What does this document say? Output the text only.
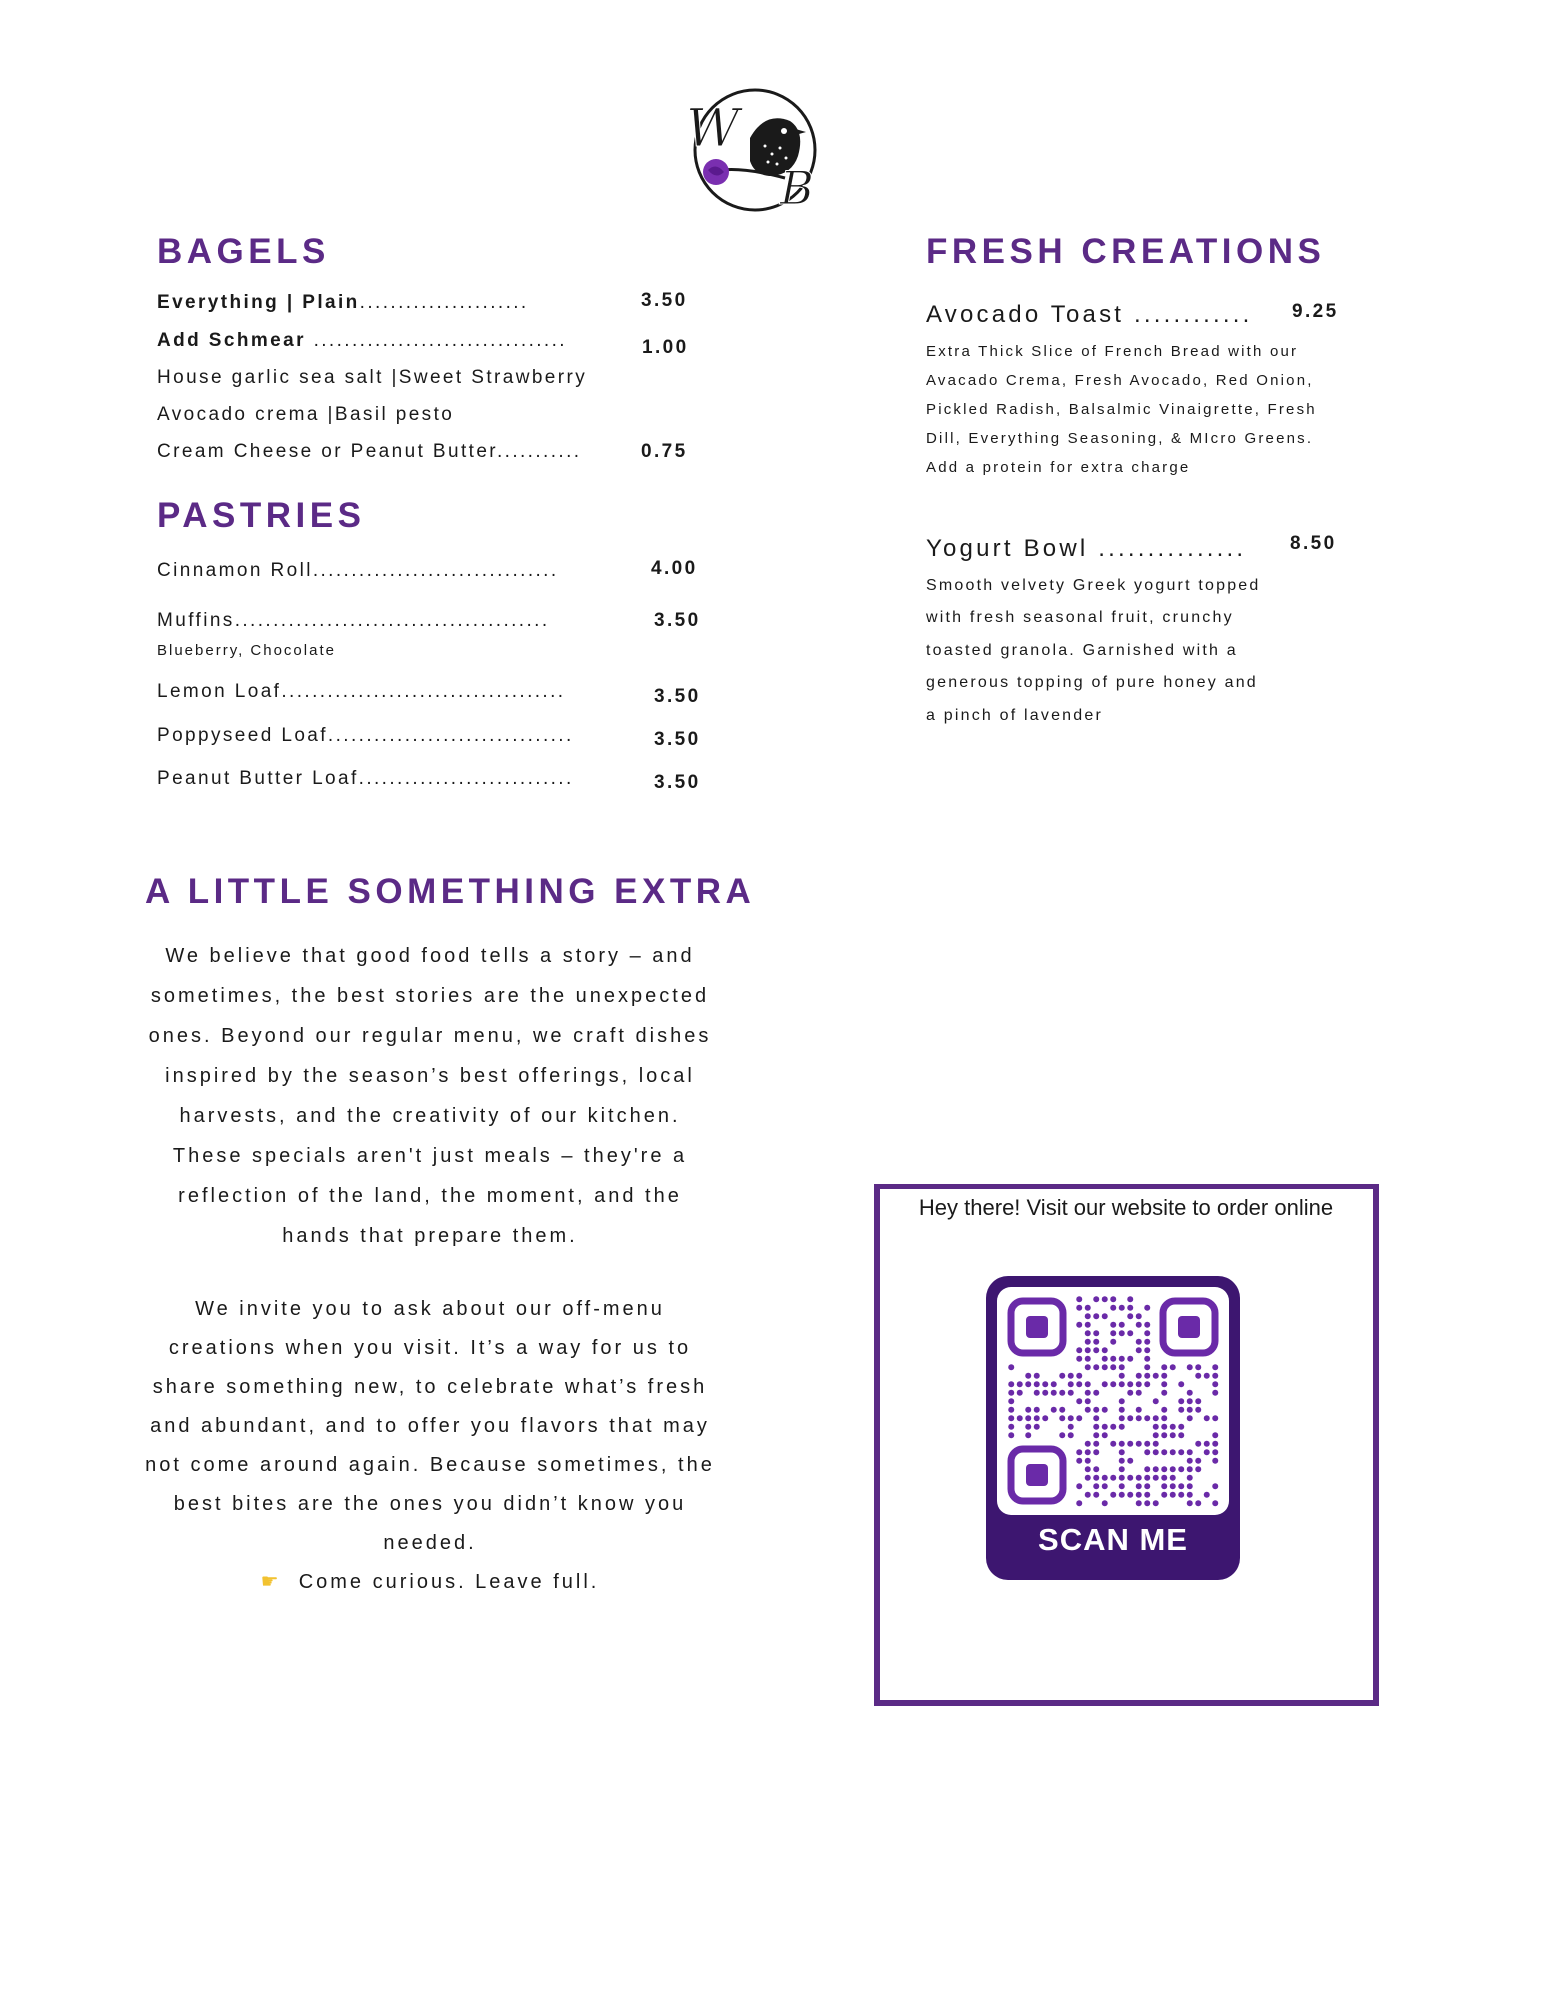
W
B
BAGELS
Everything | Plain......................	3.50
Add Schmear .................................	1.00
House garlic sea salt |Sweet Strawberry
Avocado crema |Basil pesto
Cream Cheese or Peanut Butter...........	0.75
PASTRIES
Cinnamon Roll................................	4.00
Muffins.........................................	3.50
Blueberry, Chocolate
Lemon Loaf.....................................	3.50
Poppyseed Loaf................................	3.50
Peanut Butter Loaf............................	3.50
FRESH CREATIONS
Avocado Toast ............ 9.25
Extra Thick Slice of French Bread with our
Avacado Crema, Fresh Avocado, Red Onion,
Pickled Radish, Balsalmic Vinaigrette, Fresh
Dill, Everything Seasoning, & MIcro Greens.
Add a protein for extra charge
Yogurt Bowl ............... 8.50
Smooth velvety Greek yogurt topped
with fresh seasonal fruit, crunchy
toasted granola. Garnished with a
generous topping of pure honey and
a pinch of lavender
A LITTLE SOMETHING EXTRA
We believe that good food tells a story – and
sometimes, the best stories are the unexpected
ones. Beyond our regular menu, we craft dishes
inspired by the season’s best offerings, local
harvests, and the creativity of our kitchen.
These specials aren't just meals – they're a
reflection of the land, the moment, and the
hands that prepare them.
We invite you to ask about our off-menu
creations when you visit. It’s a way for us to
share something new, to celebrate what’s fresh
and abundant, and to offer you flavors that may
not come around again. Because sometimes, the
best bites are the ones you didn’t know you
needed.
☛ Come curious. Leave full.
Hey there! Visit our website to order online
SCAN ME
